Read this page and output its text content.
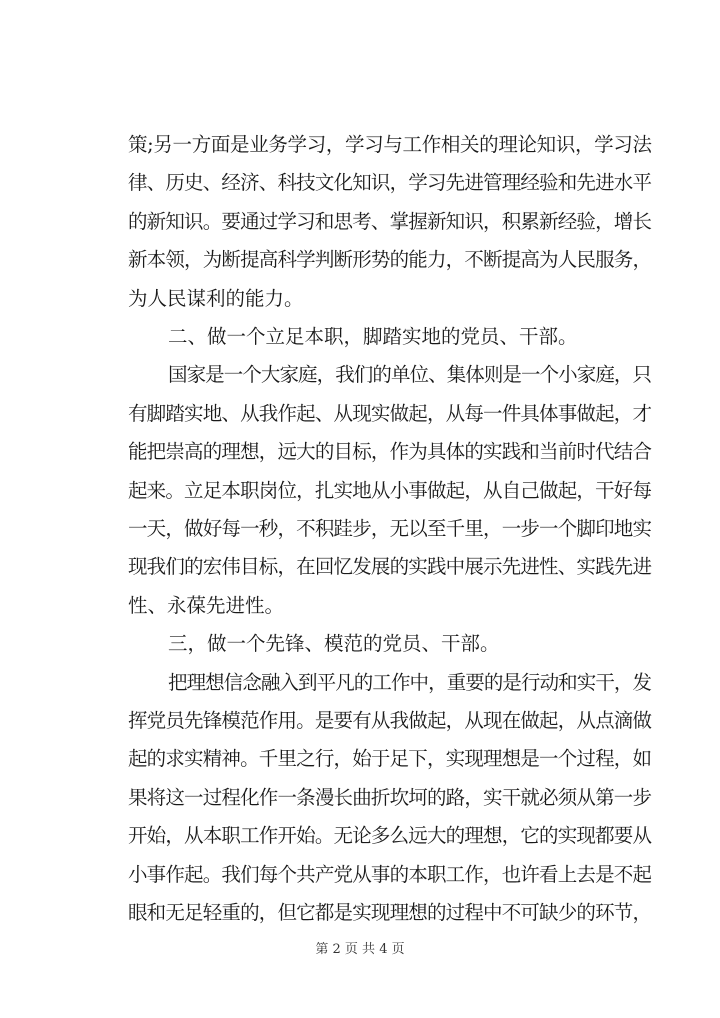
策;另一方面是业务学习，学习与工作相关的理论知识，学习法
律、历史、经济、科技文化知识，学习先进管理经验和先进水平
的新知识。要通过学习和思考、掌握新知识，积累新经验，增长
新本领，为断提高科学判断形势的能力，不断提高为人民服务，
为人民谋利的能力。
二、做一个立足本职，脚踏实地的党员、干部。
国家是一个大家庭，我们的单位、集体则是一个小家庭，只
有脚踏实地、从我作起、从现实做起，从每一件具体事做起，才
能把崇高的理想，远大的目标，作为具体的实践和当前时代结合
起来。立足本职岗位，扎实地从小事做起，从自己做起，干好每
一天，做好每一秒，不积跬步，无以至千里，一步一个脚印地实
现我们的宏伟目标，在回忆发展的实践中展示先进性、实践先进
性、永葆先进性。
三，做一个先锋、模范的党员、干部。
把理想信念融入到平凡的工作中，重要的是行动和实干，发
挥党员先锋模范作用。是要有从我做起，从现在做起，从点滴做
起的求实精神。千里之行，始于足下，实现理想是一个过程，如
果将这一过程化作一条漫长曲折坎坷的路，实干就必须从第一步
开始，从本职工作开始。无论多么远大的理想，它的实现都要从
小事作起。我们每个共产党从事的本职工作，也许看上去是不起
眼和无足轻重的，但它都是实现理想的过程中不可缺少的环节，
第 2 页 共 4 页
